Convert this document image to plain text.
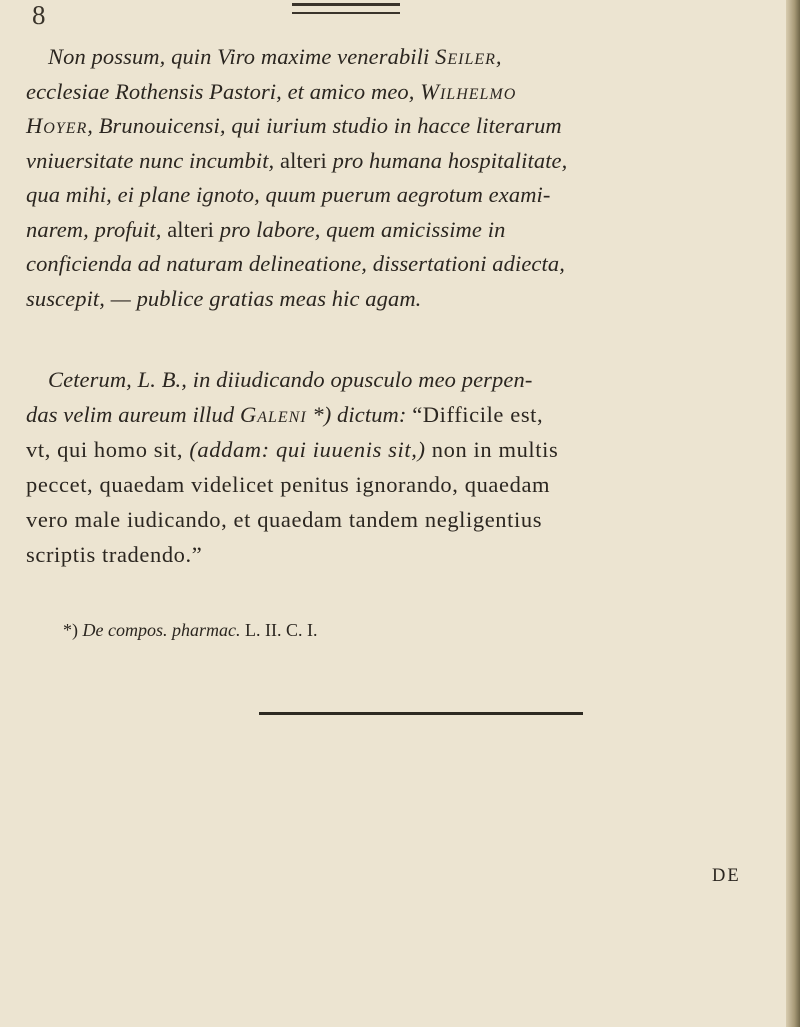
8

Non possum, quin Viro maxime venerabili Seiler,
ecclesiae Rothensis Pastori, et amico meo, Wilhelmo
Hoyer, Brunouicensi, qui iurium studio in hacce literarum
vniuersitate nunc incumbit, alteri pro humana hospitalitate,
qua mihi, ei plane ignoto, quum puerum aegrotum exami-
narem, profuit, alteri pro labore, quem amicissime in
conficienda ad naturam delineatione, dissertationi adiecta,
suscepit, — publice gratias meas hic agam.

Ceterum, L. B., in diiudicando opusculo meo perpen-
das velim aureum illud Galeni *) dictum: “Difficile est,
vt, qui homo sit, (addam: qui iuuenis sit,) non in multis
peccet, quaedam videlicet penitus ignorando, quaedam
vero male iudicando, et quaedam tandem negligentius
scriptis tradendo.”

*) De compos. pharmac. L. II. C. I.
DE
